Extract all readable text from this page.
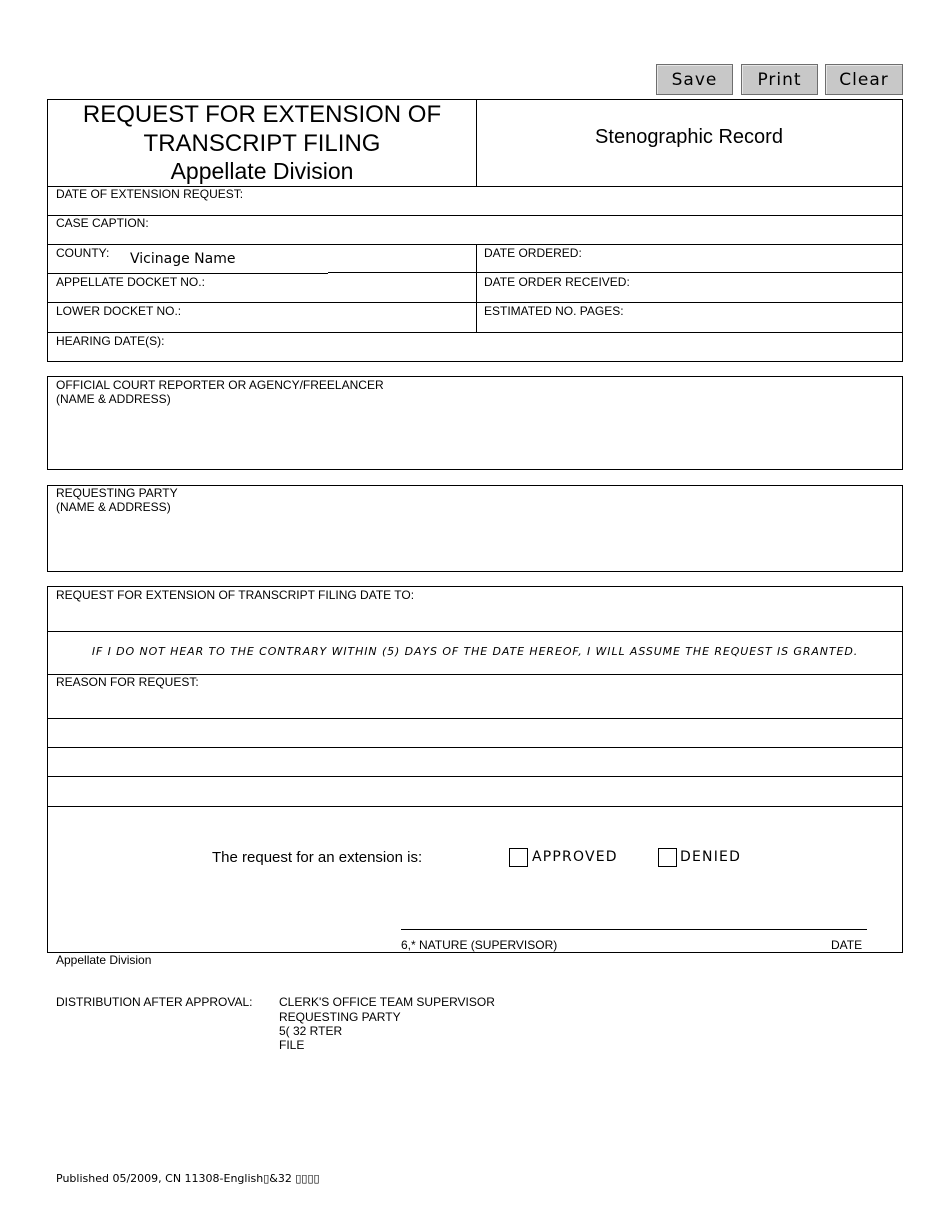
Save	Print	Clear
REQUEST FOR EXTENSION OF
TRANSCRIPT FILING
Appellate Division
Stenographic Record
DATE OF EXTENSION REQUEST:
CASE CAPTION:
COUNTY: Vicinage Name	DATE ORDERED:
APPELLATE DOCKET NO.:	DATE ORDER RECEIVED:
LOWER DOCKET NO.:	ESTIMATED NO. PAGES:
HEARING DATE(S):
OFFICIAL COURT REPORTER OR AGENCY/FREELANCER
(NAME & ADDRESS)
REQUESTING PARTY
(NAME & ADDRESS)
REQUEST FOR EXTENSION OF TRANSCRIPT FILING DATE TO:
IF I DO NOT HEAR TO THE CONTRARY WITHIN (5) DAYS OF THE DATE HEREOF, I WILL ASSUME THE REQUEST IS GRANTED.
REASON FOR REQUEST:
The request for an extension is:	APPROVED	DENIED
6,* NATURE (SUPERVISOR)	DATE
Appellate Division
DISTRIBUTION AFTER APPROVAL: CLERK'S OFFICE TEAM SUPERVISOR
REQUESTING PARTY
5( 32 RTER
FILE
Published 05/2009, CN 11308-English▯&32 ▯▯▯▯
